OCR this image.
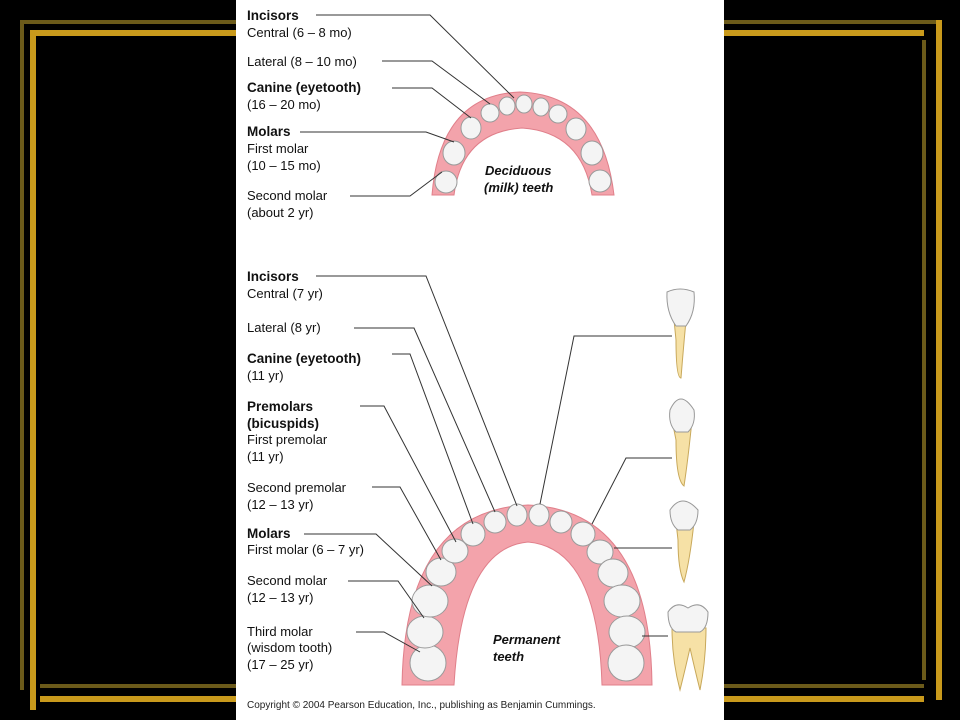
Incisors
Central (6 – 8 mo)
Lateral (8 – 10 mo)
Canine (eyetooth)
(16 – 20 mo)
Molars
First molar
(10 – 15 mo)
Second molar
(about 2 yr)
Deciduous
(milk) teeth
Incisors
Central (7 yr)
Lateral (8 yr)
Canine (eyetooth)
(11 yr)
Premolars
(bicuspids)
First premolar
(11 yr)
Second premolar
(12 – 13 yr)
Molars
First molar (6 – 7 yr)
Second molar
(12 – 13 yr)
Third molar
(wisdom tooth)
(17 – 25 yr)
Permanent
teeth
Copyright © 2004 Pearson Education, Inc., publishing as Benjamin Cummings.
